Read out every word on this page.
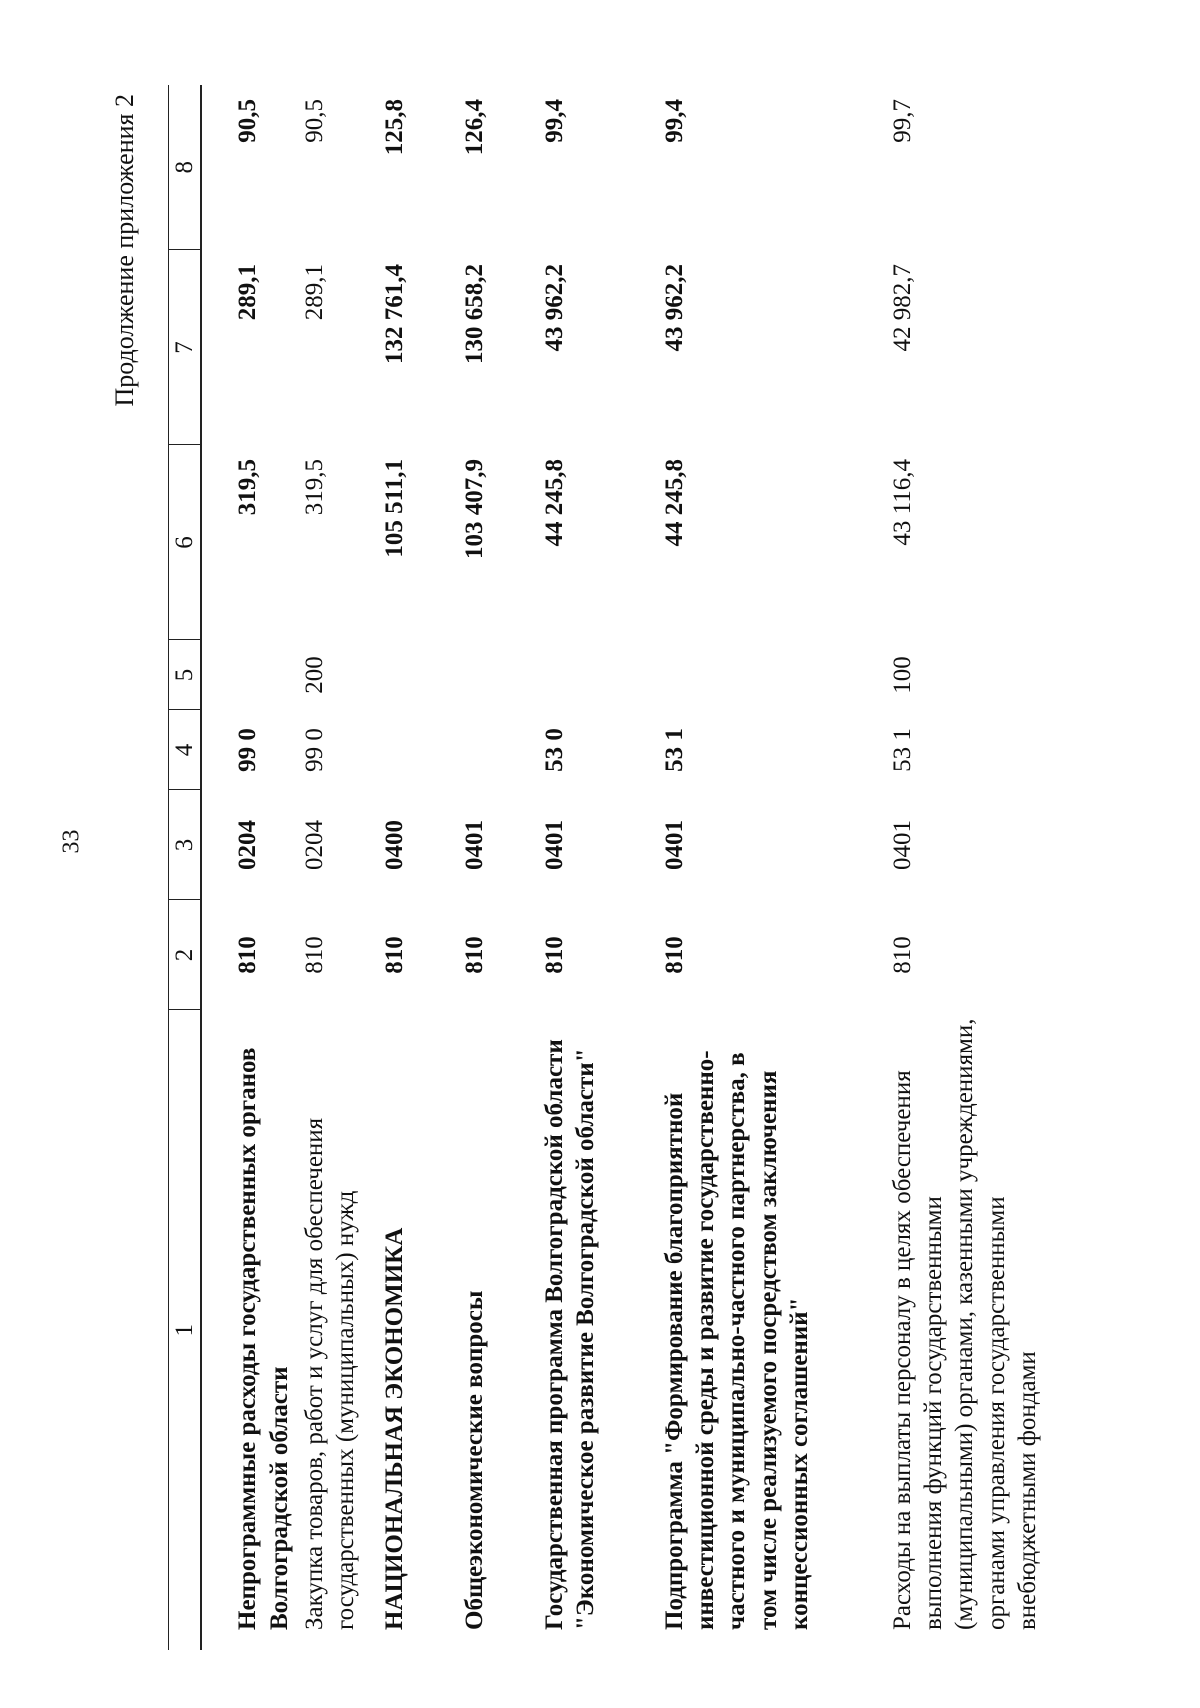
33
Продолжение приложения 2
1	2	3	4	5	6	7	8
Непрограммные расходы государственных органов Волгоградской области	810	0204	99 0		319,5	289,1	90,5
Закупка товаров, работ и услуг для обеспечения государственных (муниципальных) нужд	810	0204	99 0	200	319,5	289,1	90,5
НАЦИОНАЛЬНАЯ ЭКОНОМИКА	810	0400			105 511,1	132 761,4	125,8
Общеэкономические вопросы	810	0401			103 407,9	130 658,2	126,4
Государственная программа Волгоградской области "Экономическое развитие Волгоградской области"	810	0401	53 0		44 245,8	43 962,2	99,4
Подпрограмма "Формирование благоприятной инвестиционной среды и развитие государственно-частного и муниципально-частного партнерства, в том числе реализуемого посредством заключения концессионных соглашений"	810	0401	53 1		44 245,8	43 962,2	99,4
Расходы на выплаты персоналу в целях обеспечения выполнения функций государственными (муниципальными) органами, казенными учреждениями, органами управления государственными внебюджетными фондами	810	0401	53 1	100	43 116,4	42 982,7	99,7
